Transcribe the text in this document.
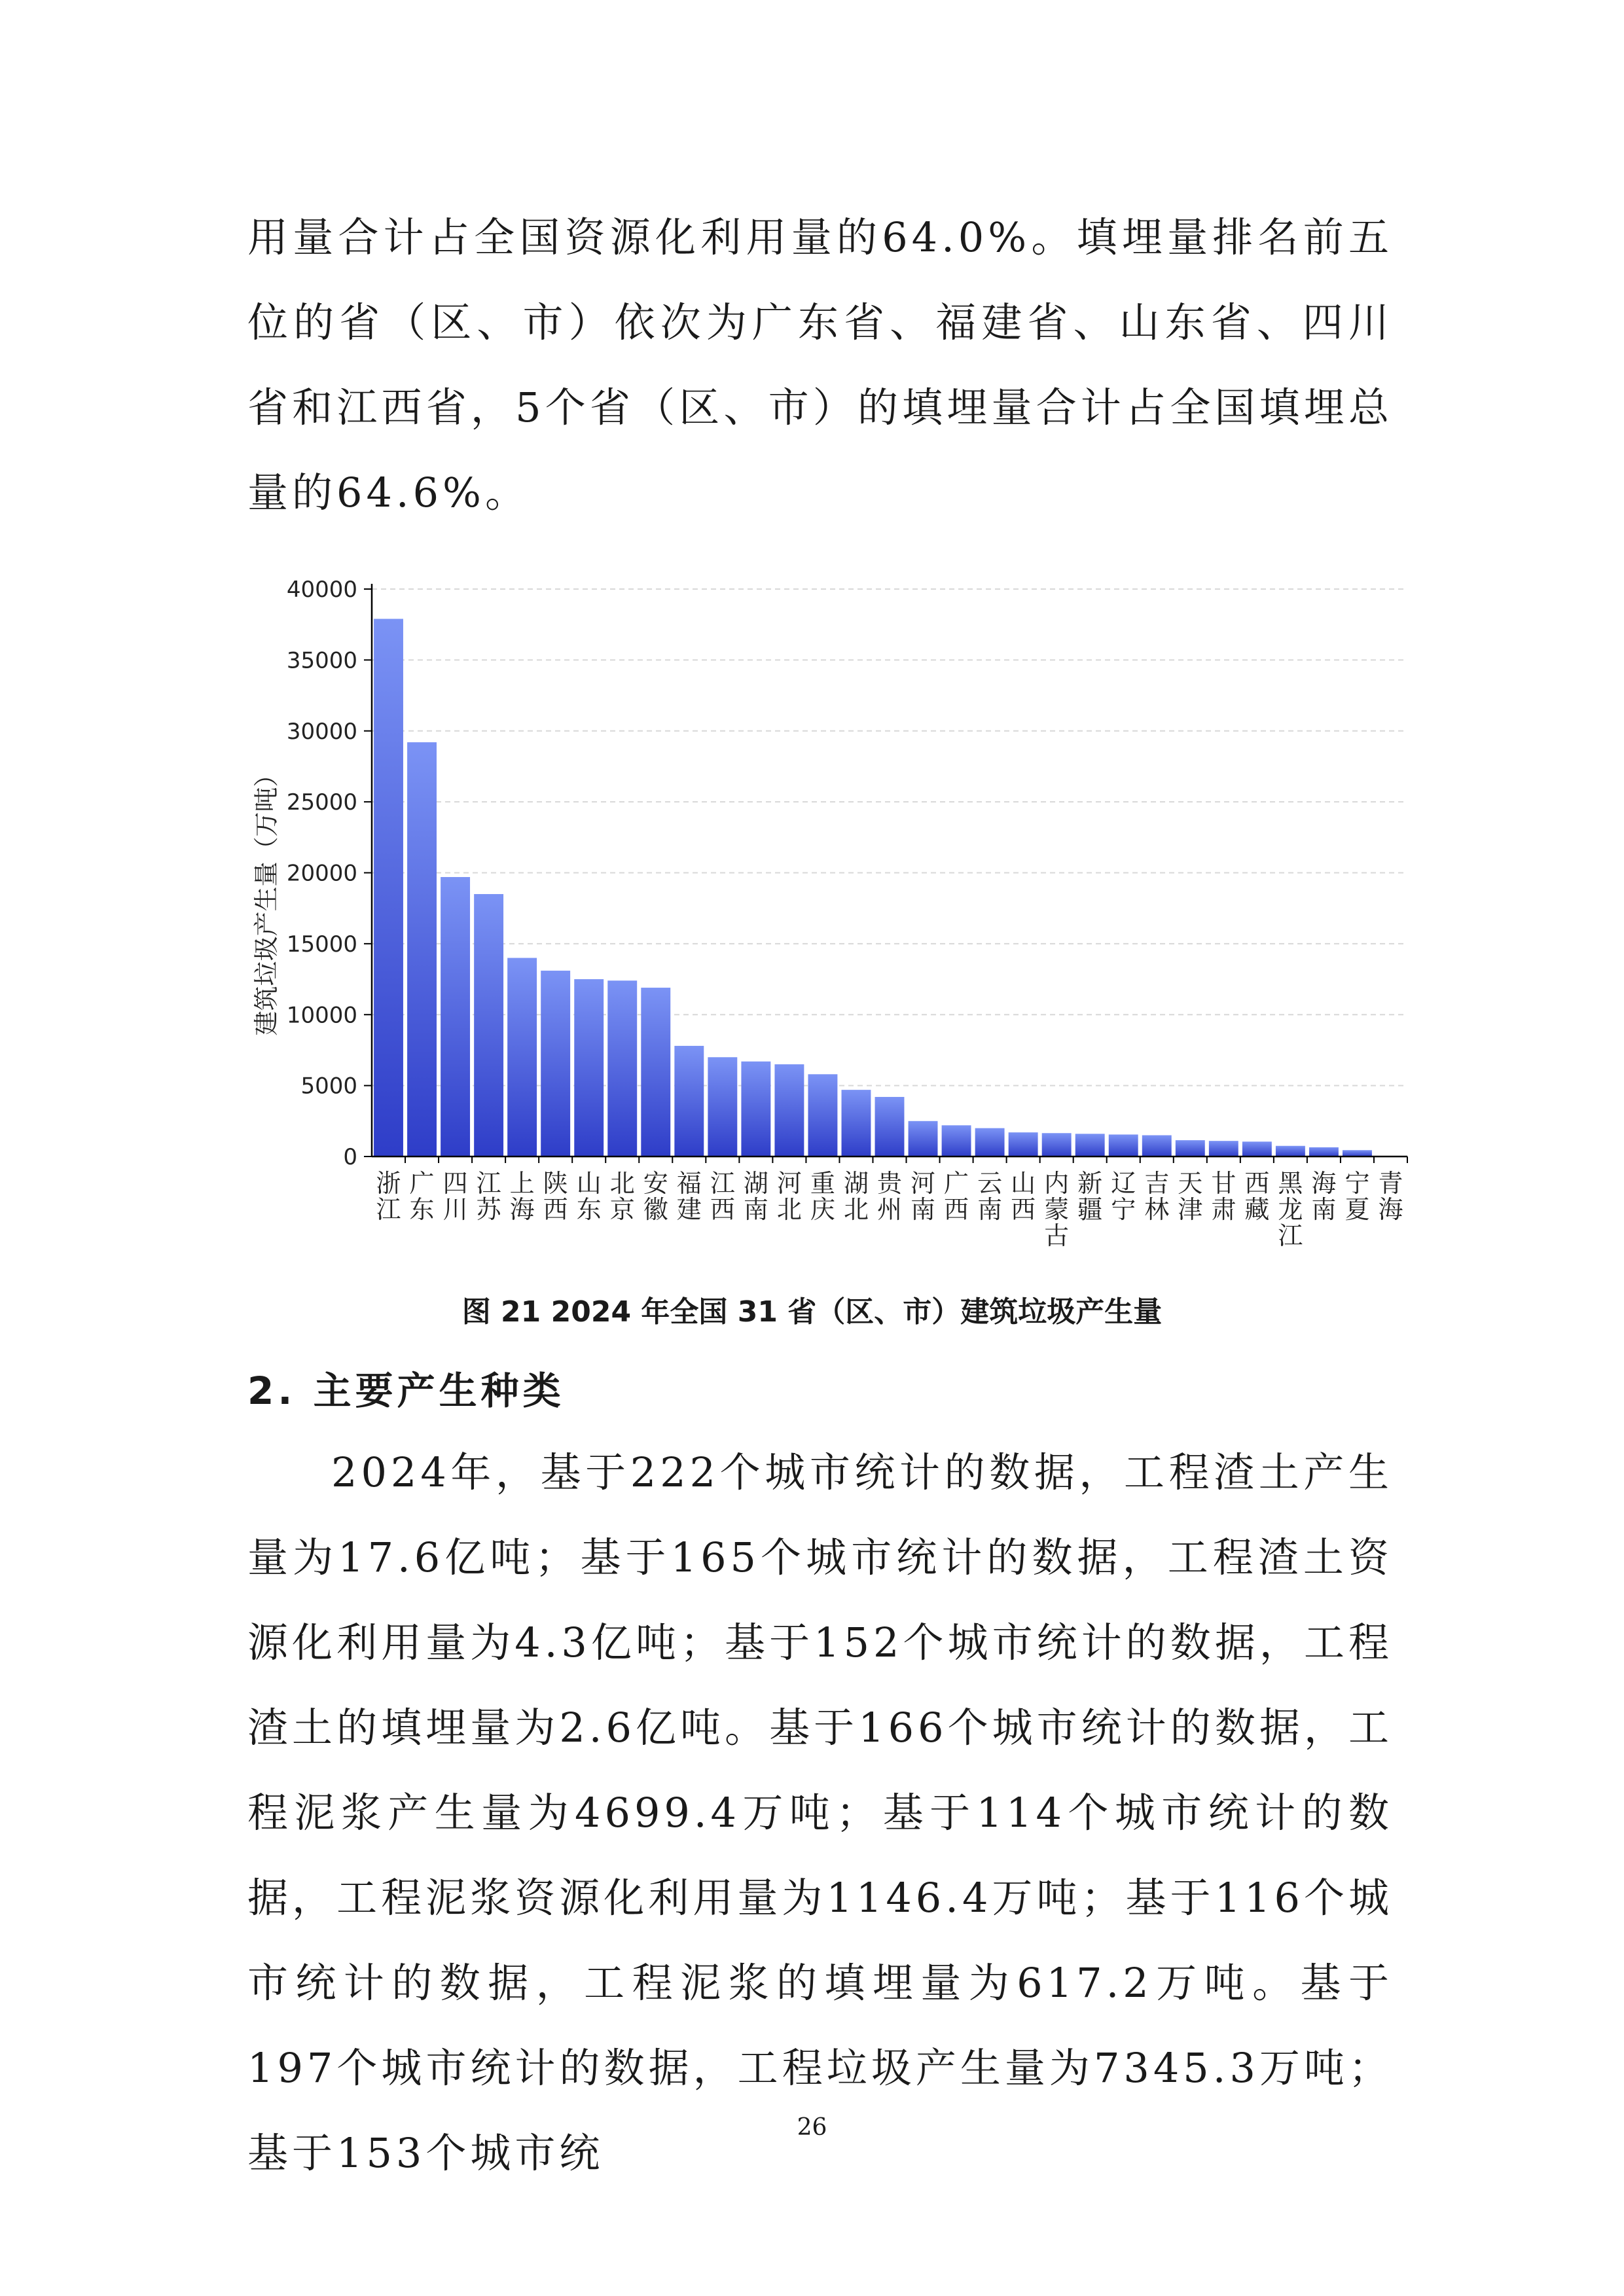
用量合计占全国资源化利用量的64.0%。填埋量排名前五位的省（区、市）依次为广东省、福建省、山东省、四川省和江西省，5个省（区、市）的填埋量合计占全国填埋总量的64.6%。

0
5000
10000
15000
20000
25000
30000
35000
40000
浙江
广东
四川
江苏
上海
陕西
山东
北京
安徽
福建
江西
湖南
河北
重庆
湖北
贵州
河南
广西
云南
山西
内蒙古
新疆
辽宁
吉林
天津
甘肃
西藏
黑龙江
海南
宁夏
青海
建筑垃圾产生量（万吨）
图 21 2024 年全国 31 省（区、市）建筑垃圾产生量
2. 主要产生种类

2024年，基于222个城市统计的数据，工程渣土产生量为17.6亿吨；基于165个城市统计的数据，工程渣土资源化利用量为4.3亿吨；基于152个城市统计的数据，工程渣土的填埋量为2.6亿吨。基于166个城市统计的数据，工程泥浆产生量为4699.4万吨；基于114个城市统计的数据，工程泥浆资源化利用量为1146.4万吨；基于116个城市统计的数据，工程泥浆的填埋量为617.2万吨。基于197个城市统计的数据，工程垃圾产生量为7345.3万吨；基于153个城市统

26
